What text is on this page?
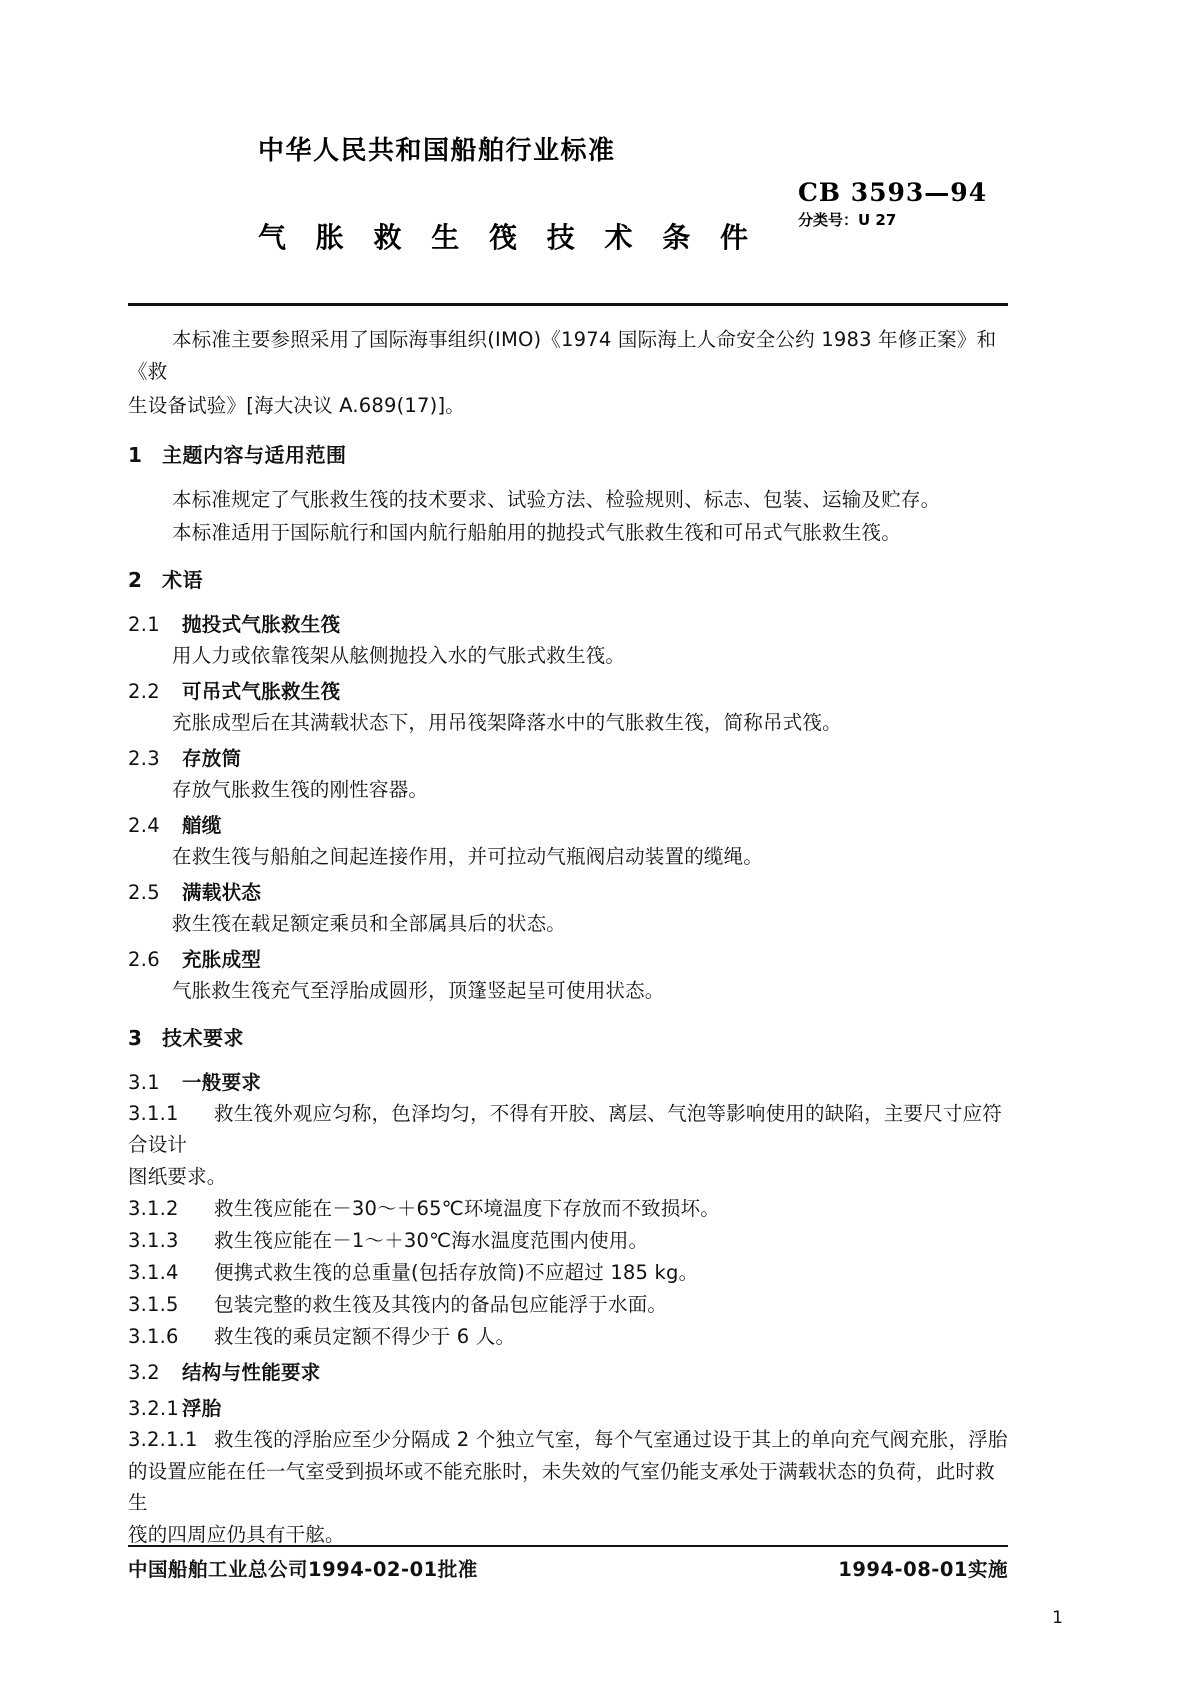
中华人民共和国船舶行业标准
CB 3593—94
分类号：U 27
气 胀 救 生 筏 技 术 条 件

本标准主要参照采用了国际海事组织(IMO)《1974 国际海上人命安全公约 1983 年修正案》和《救

生设备试验》[海大决议 A.689(17)]。

1 主题内容与适用范围

本标准规定了气胀救生筏的技术要求、试验方法、检验规则、标志、包装、运输及贮存。

本标准适用于国际航行和国内航行船舶用的抛投式气胀救生筏和可吊式气胀救生筏。

2 术语

2.1 抛投式气胀救生筏

用人力或依靠筏架从舷侧抛投入水的气胀式救生筏。

2.2 可吊式气胀救生筏

充胀成型后在其满载状态下，用吊筏架降落水中的气胀救生筏，简称吊式筏。

2.3 存放筒

存放气胀救生筏的刚性容器。

2.4 艏缆

在救生筏与船舶之间起连接作用，并可拉动气瓶阀启动装置的缆绳。

2.5 满载状态

救生筏在载足额定乘员和全部属具后的状态。

2.6 充胀成型

气胀救生筏充气至浮胎成圆形，顶篷竖起呈可使用状态。

3 技术要求

3.1 一般要求

3.1.1 救生筏外观应匀称，色泽均匀，不得有开胶、离层、气泡等影响使用的缺陷，主要尺寸应符合设计

图纸要求。

3.1.2 救生筏应能在－30～＋65℃环境温度下存放而不致损坏。

3.1.3 救生筏应能在－1～＋30℃海水温度范围内使用。

3.1.4 便携式救生筏的总重量(包括存放筒)不应超过 185 kg。

3.1.5 包装完整的救生筏及其筏内的备品包应能浮于水面。

3.1.6 救生筏的乘员定额不得少于 6 人。

3.2 结构与性能要求

3.2.1 浮胎

3.2.1.1 救生筏的浮胎应至少分隔成 2 个独立气室，每个气室通过设于其上的单向充气阀充胀，浮胎

的设置应能在任一气室受到损坏或不能充胀时，未失效的气室仍能支承处于满载状态的负荷，此时救生

筏的四周应仍具有干舷。

中国船舶工业总公司1994-02-01批准	1994-08-01实施
1
